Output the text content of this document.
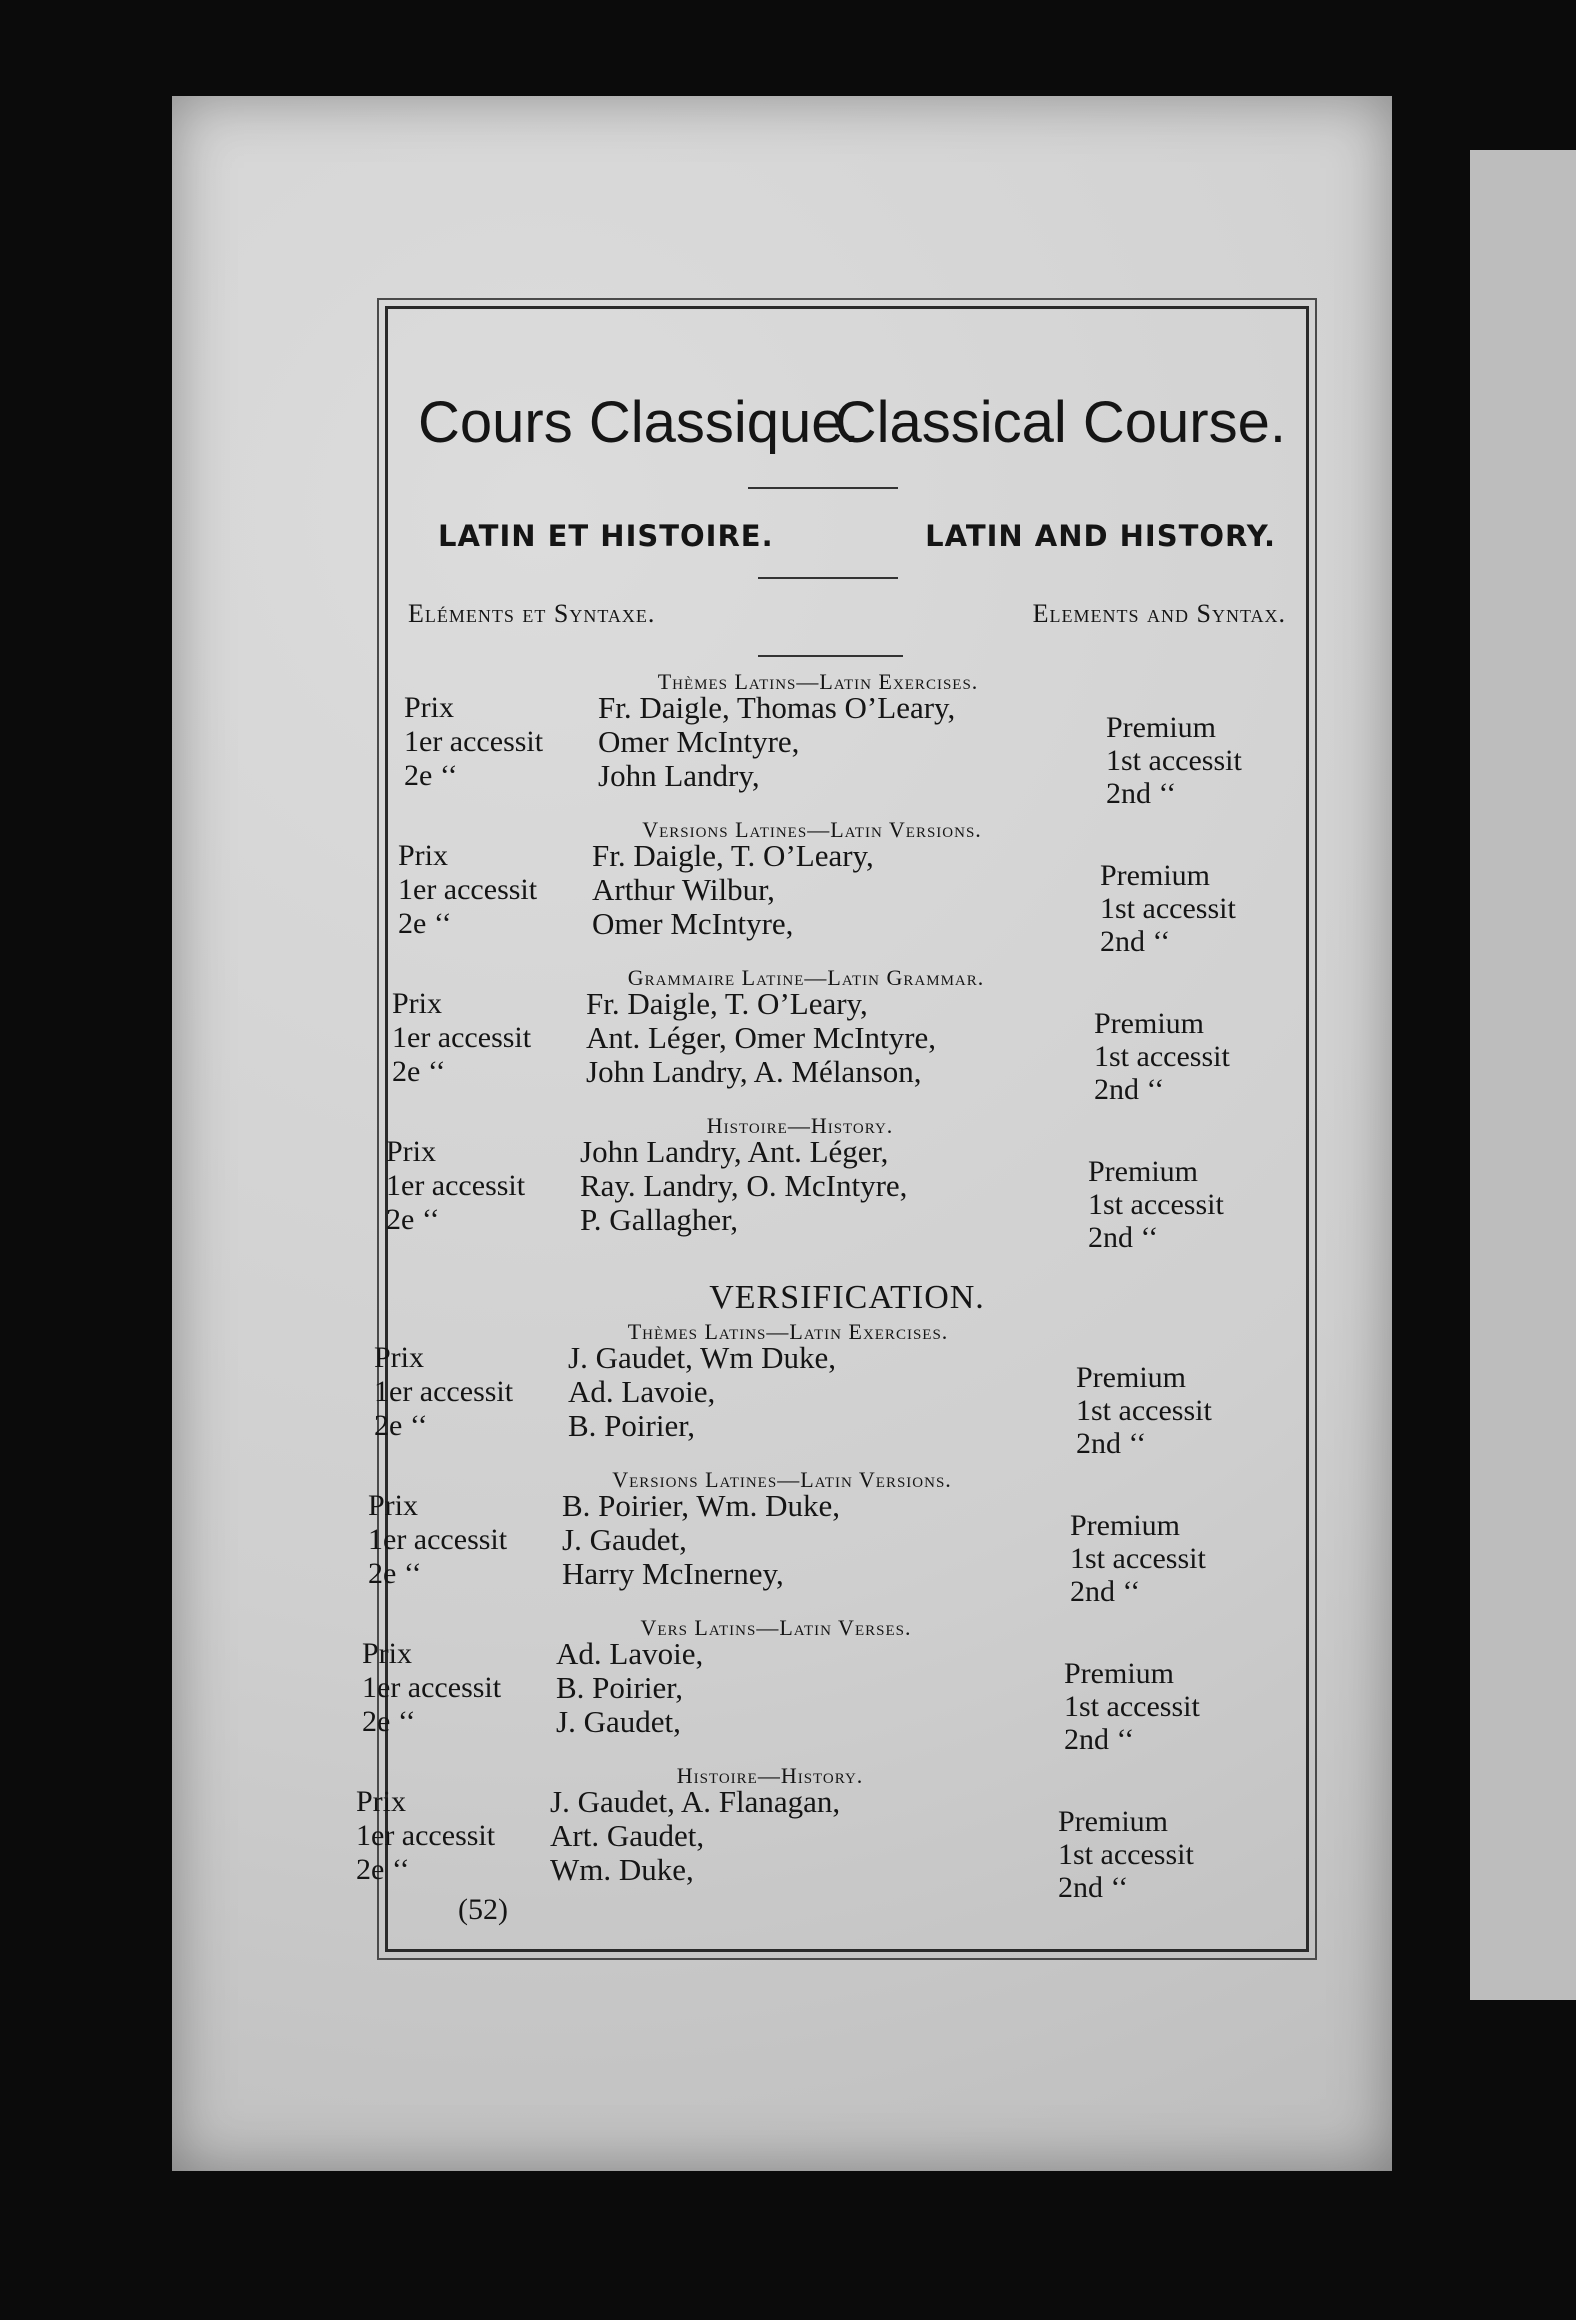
Cours Classique.
Classical Course.
LATIN ET HISTOIRE.	LATIN AND HISTORY.
Eléments et Syntaxe.	Elements and Syntax.
Thèmes Latins—Latin Exercises.
Prix
1er accessit
2e ‘‘
Fr. Daigle, Thomas O’Leary,
Omer McIntyre,
John Landry,
Premium
1st accessit
2nd ‘‘
Versions Latines—Latin Versions.
Prix
1er accessit
2e ‘‘
Fr. Daigle, T. O’Leary,
Arthur Wilbur,
Omer McIntyre,
Premium
1st accessit
2nd ‘‘
Grammaire Latine—Latin Grammar.
Prix
1er accessit
2e ‘‘
Fr. Daigle, T. O’Leary,
Ant. Léger, Omer McIntyre,
John Landry, A. Mélanson,
Premium
1st accessit
2nd ‘‘
Histoire—History.
Prix
1er accessit
2e ‘‘
John Landry, Ant. Léger,
Ray. Landry, O. McIntyre,
P. Gallagher,
Premium
1st accessit
2nd ‘‘
Thèmes Latins—Latin Exercises.
Prix
1er accessit
2e ‘‘
J. Gaudet, Wm Duke,
Ad. Lavoie,
B. Poirier,
Premium
1st accessit
2nd ‘‘
Versions Latines—Latin Versions.
Prix
1er accessit
2e ‘‘
B. Poirier, Wm. Duke,
J. Gaudet,
Harry McInerney,
Premium
1st accessit
2nd ‘‘
Vers Latins—Latin Verses.
Prix
1er accessit
2e ‘‘
Ad. Lavoie,
B. Poirier,
J. Gaudet,
Premium
1st accessit
2nd ‘‘
Histoire—History.
Prix
1er accessit
2e ‘‘
J. Gaudet, A. Flanagan,
Art. Gaudet,
Wm. Duke,
Premium
1st accessit
2nd ‘‘
VERSIFICATION.
(52)
